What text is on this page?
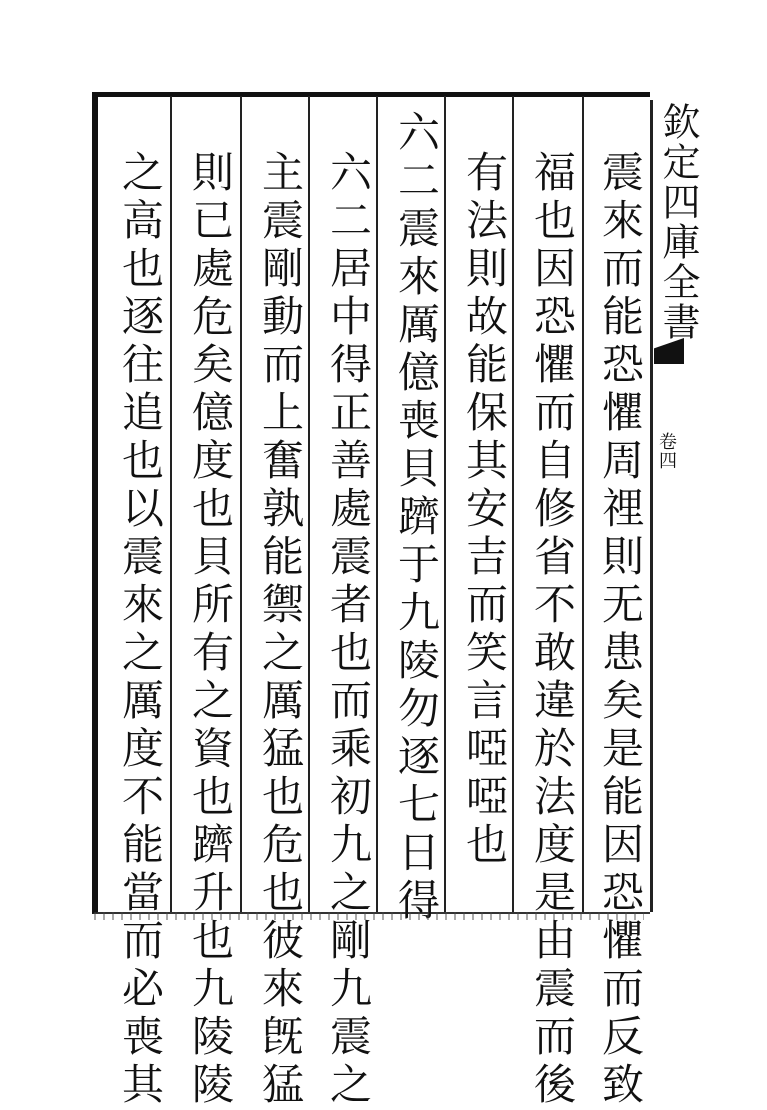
欽定四庫全書
卷四
震來而能恐懼周𥚃則无患矣是能因恐懼而反致
福也因恐懼而自修省不敢違於法度是由震而後
有法則故能保其安吉而笑言啞啞也
六二震來厲億喪貝躋于九陵勿逐七日得
六二居中得正善處震者也而乘初九之剛九震之
主震剛動而上奮孰能禦之厲猛也危也彼來旣猛
則已處危矣億度也貝所有之資也躋升也九陵陵
之高也逐往追也以震來之厲度不能當而必喪其
